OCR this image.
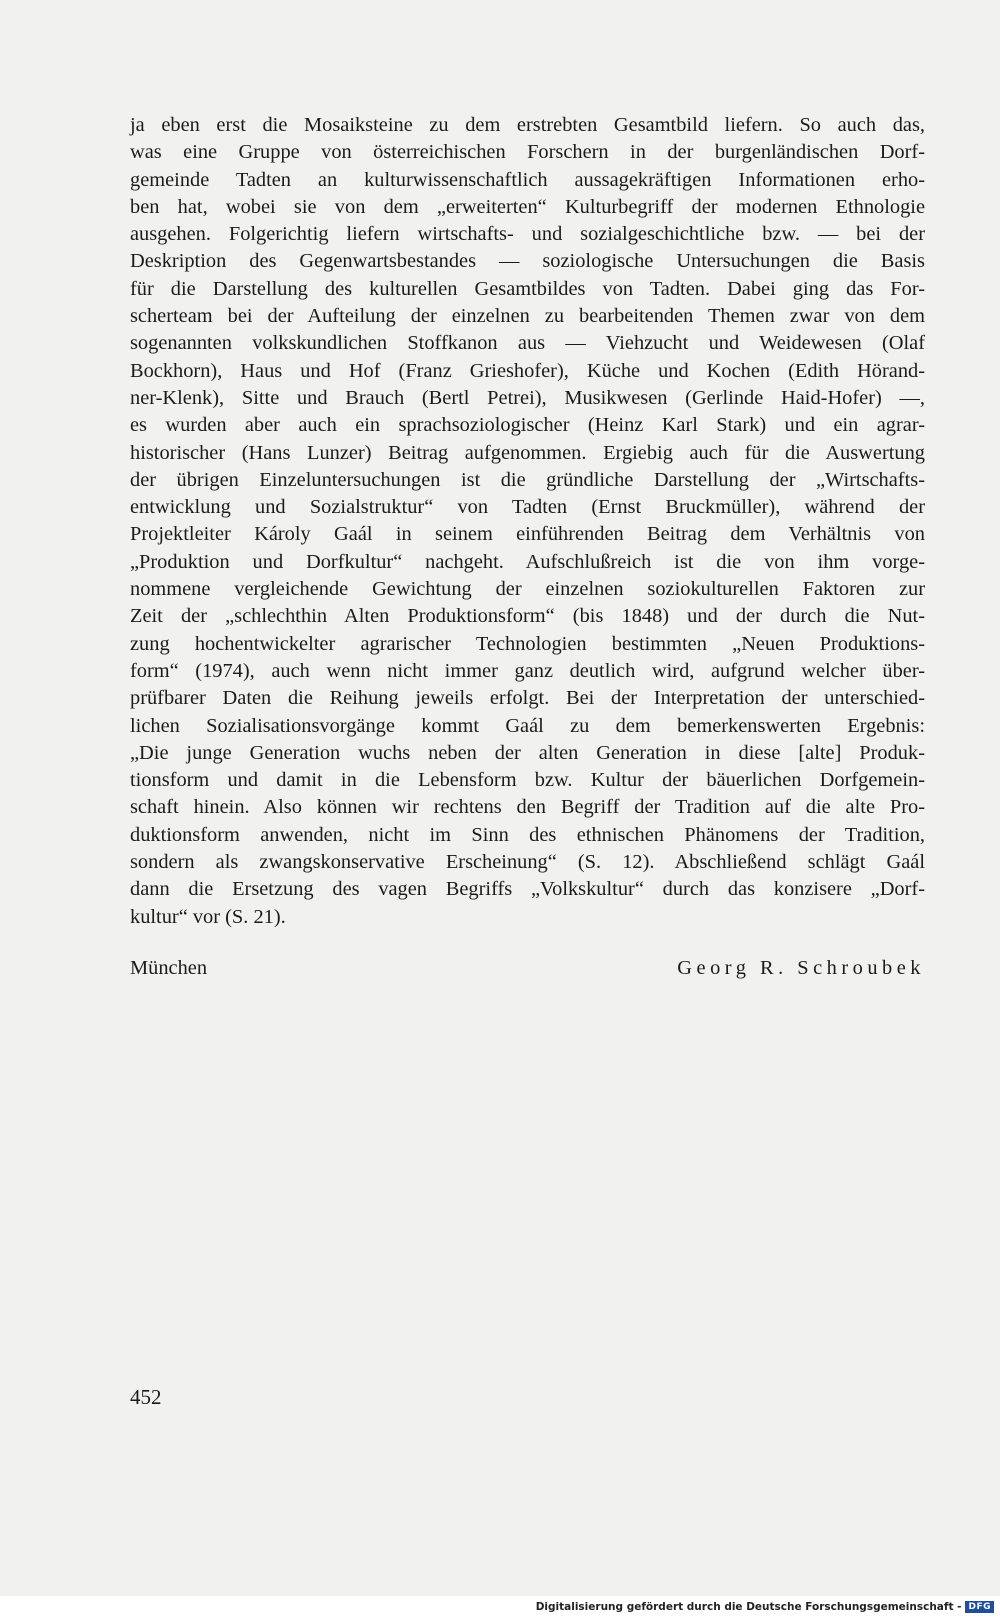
ja eben erst die Mosaiksteine zu dem erstrebten Gesamtbild liefern. So auch das,
was eine Gruppe von österreichischen Forschern in der burgenländischen Dorf-
gemeinde Tadten an kulturwissenschaftlich aussagekräftigen Informationen erho-
ben hat, wobei sie von dem „erweiterten“ Kulturbegriff der modernen Ethnologie
ausgehen. Folgerichtig liefern wirtschafts- und sozialgeschichtliche bzw. — bei der
Deskription des Gegenwartsbestandes — soziologische Untersuchungen die Basis
für die Darstellung des kulturellen Gesamtbildes von Tadten. Dabei ging das For-
scherteam bei der Aufteilung der einzelnen zu bearbeitenden Themen zwar von dem
sogenannten volkskundlichen Stoffkanon aus — Viehzucht und Weidewesen (Olaf
Bockhorn), Haus und Hof (Franz Grieshofer), Küche und Kochen (Edith Hörand-
ner-Klenk), Sitte und Brauch (Bertl Petrei), Musikwesen (Gerlinde Haid-Hofer) —,
es wurden aber auch ein sprachsoziologischer (Heinz Karl Stark) und ein agrar-
historischer (Hans Lunzer) Beitrag aufgenommen. Ergiebig auch für die Auswertung
der übrigen Einzeluntersuchungen ist die gründliche Darstellung der „Wirtschafts-
entwicklung und Sozialstruktur“ von Tadten (Ernst Bruckmüller), während der
Projektleiter Károly Gaál in seinem einführenden Beitrag dem Verhältnis von
„Produktion und Dorfkultur“ nachgeht. Aufschlußreich ist die von ihm vorge-
nommene vergleichende Gewichtung der einzelnen soziokulturellen Faktoren zur
Zeit der „schlechthin Alten Produktionsform“ (bis 1848) und der durch die Nut-
zung hochentwickelter agrarischer Technologien bestimmten „Neuen Produktions-
form“ (1974), auch wenn nicht immer ganz deutlich wird, aufgrund welcher über-
prüfbarer Daten die Reihung jeweils erfolgt. Bei der Interpretation der unterschied-
lichen Sozialisationsvorgänge kommt Gaál zu dem bemerkenswerten Ergebnis:
„Die junge Generation wuchs neben der alten Generation in diese [alte] Produk-
tionsform und damit in die Lebensform bzw. Kultur der bäuerlichen Dorfgemein-
schaft hinein. Also können wir rechtens den Begriff der Tradition auf die alte Pro-
duktionsform anwenden, nicht im Sinn des ethnischen Phänomens der Tradition,
sondern als zwangskonservative Erscheinung“ (S. 12). Abschließend schlägt Gaál
dann die Ersetzung des vagen Begriffs „Volkskultur“ durch das konzisere „Dorf-
kultur“ vor (S. 21).
München	Georg R. Schroubek
452
Digitalisierung gefördert durch die Deutsche Forschungsgemeinschaft - DFG
